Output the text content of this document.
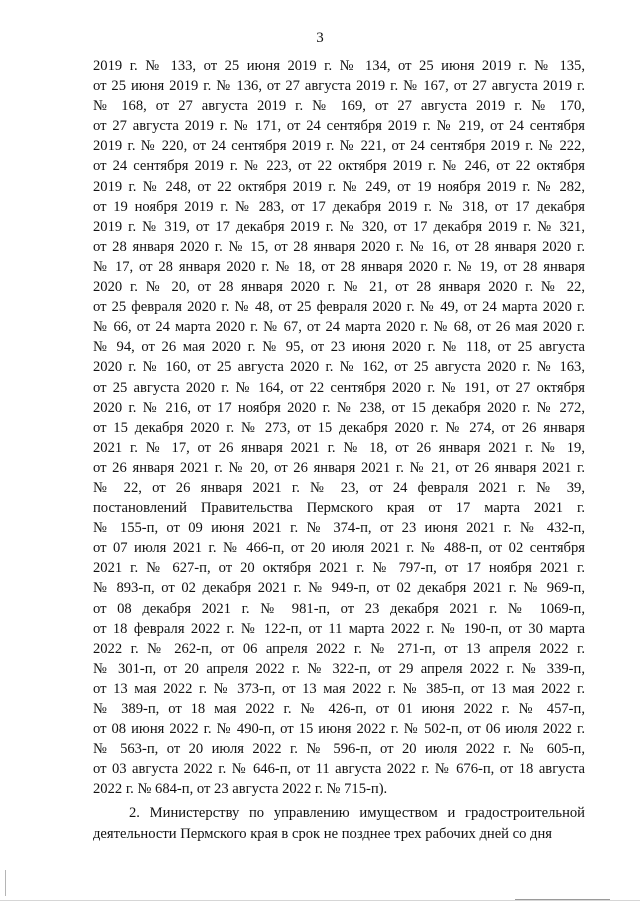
3
2019 г. № 133, от 25 июня 2019 г. № 134, от 25 июня 2019 г. № 135,
от 25 июня 2019 г. № 136, от 27 августа 2019 г. № 167, от 27 августа 2019 г.
№ 168, от 27 августа 2019 г. № 169, от 27 августа 2019 г. № 170,
от 27 августа 2019 г. № 171, от 24 сентября 2019 г. № 219, от 24 сентября
2019 г. № 220, от 24 сентября 2019 г. № 221, от 24 сентября 2019 г. № 222,
от 24 сентября 2019 г. № 223, от 22 октября 2019 г. № 246, от 22 октября
2019 г. № 248, от 22 октября 2019 г. № 249, от 19 ноября 2019 г. № 282,
от 19 ноября 2019 г. № 283, от 17 декабря 2019 г. № 318, от 17 декабря
2019 г. № 319, от 17 декабря 2019 г. № 320, от 17 декабря 2019 г. № 321,
от 28 января 2020 г. № 15, от 28 января 2020 г. № 16, от 28 января 2020 г.
№ 17, от 28 января 2020 г. № 18, от 28 января 2020 г. № 19, от 28 января
2020 г. № 20, от 28 января 2020 г. № 21, от 28 января 2020 г. № 22,
от 25 февраля 2020 г. № 48, от 25 февраля 2020 г. № 49, от 24 марта 2020 г.
№ 66, от 24 марта 2020 г. № 67, от 24 марта 2020 г. № 68, от 26 мая 2020 г.
№ 94, от 26 мая 2020 г. № 95, от 23 июня 2020 г. № 118, от 25 августа
2020 г. № 160, от 25 августа 2020 г. № 162, от 25 августа 2020 г. № 163,
от 25 августа 2020 г. № 164, от 22 сентября 2020 г. № 191, от 27 октября
2020 г. № 216, от 17 ноября 2020 г. № 238, от 15 декабря 2020 г. № 272,
от 15 декабря 2020 г. № 273, от 15 декабря 2020 г. № 274, от 26 января
2021 г. № 17, от 26 января 2021 г. № 18, от 26 января 2021 г. № 19,
от 26 января 2021 г. № 20, от 26 января 2021 г. № 21, от 26 января 2021 г.
№ 22, от 26 января 2021 г. № 23, от 24 февраля 2021 г. № 39,
постановлений Правительства Пермского края от 17 марта 2021 г.
№ 155-п, от 09 июня 2021 г. № 374-п, от 23 июня 2021 г. № 432-п,
от 07 июля 2021 г. № 466-п, от 20 июля 2021 г. № 488-п, от 02 сентября
2021 г. № 627-п, от 20 октября 2021 г. № 797-п, от 17 ноября 2021 г.
№ 893-п, от 02 декабря 2021 г. № 949-п, от 02 декабря 2021 г. № 969-п,
от 08 декабря 2021 г. № 981-п, от 23 декабря 2021 г. № 1069-п,
от 18 февраля 2022 г. № 122-п, от 11 марта 2022 г. № 190-п, от 30 марта
2022 г. № 262-п, от 06 апреля 2022 г. № 271-п, от 13 апреля 2022 г.
№ 301-п, от 20 апреля 2022 г. № 322-п, от 29 апреля 2022 г. № 339-п,
от 13 мая 2022 г. № 373-п, от 13 мая 2022 г. № 385-п, от 13 мая 2022 г.
№ 389-п, от 18 мая 2022 г. № 426-п, от 01 июня 2022 г. № 457-п,
от 08 июня 2022 г. № 490-п, от 15 июня 2022 г. № 502-п, от 06 июля 2022 г.
№ 563-п, от 20 июля 2022 г. № 596-п, от 20 июля 2022 г. № 605-п,
от 03 августа 2022 г. № 646-п, от 11 августа 2022 г. № 676-п, от 18 августа
2022 г. № 684-п, от 23 августа 2022 г. № 715-п).
2. Министерству по управлению имуществом и градостроительной
деятельности Пермского края в срок не позднее трех рабочих дней со дня
